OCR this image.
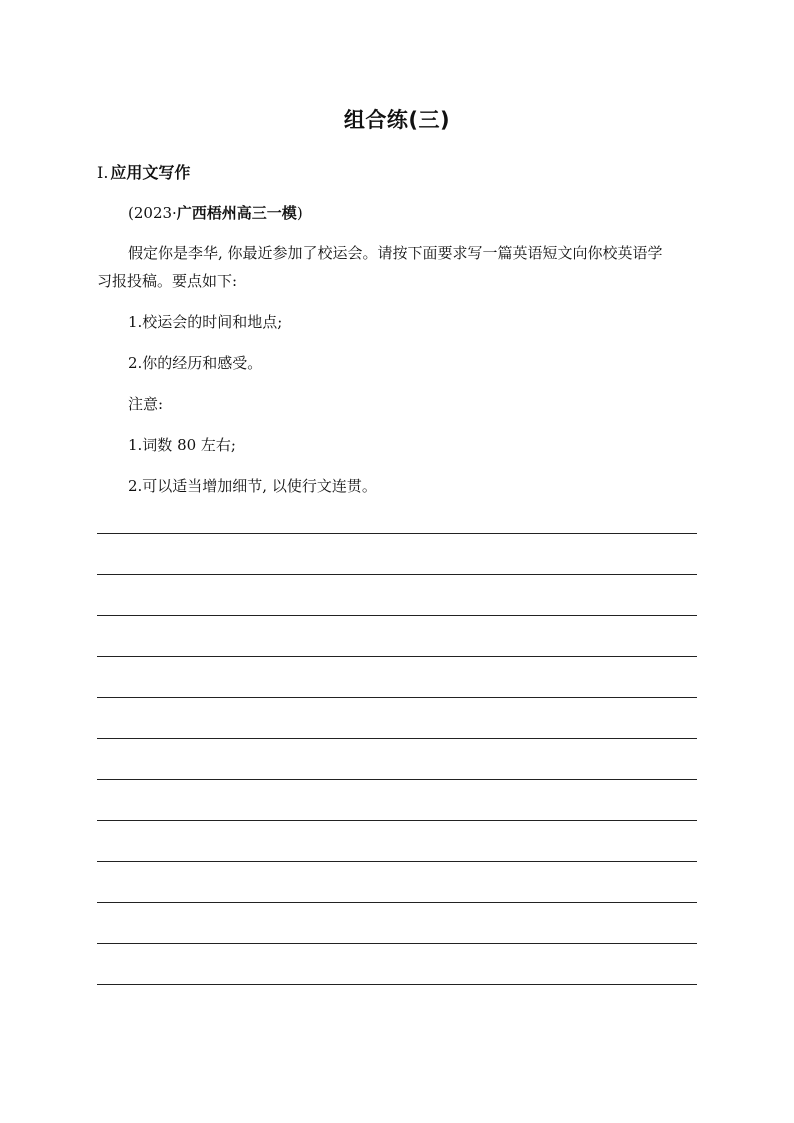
组合练(三)
Ⅰ. 应用文写作
(2023·广西梧州高三一模)
假定你是李华, 你最近参加了校运会。请按下面要求写一篇英语短文向你校英语学
习报投稿。要点如下:
1.校运会的时间和地点;
2.你的经历和感受。
注意:
1.词数 80 左右;
2.可以适当增加细节, 以使行文连贯。
